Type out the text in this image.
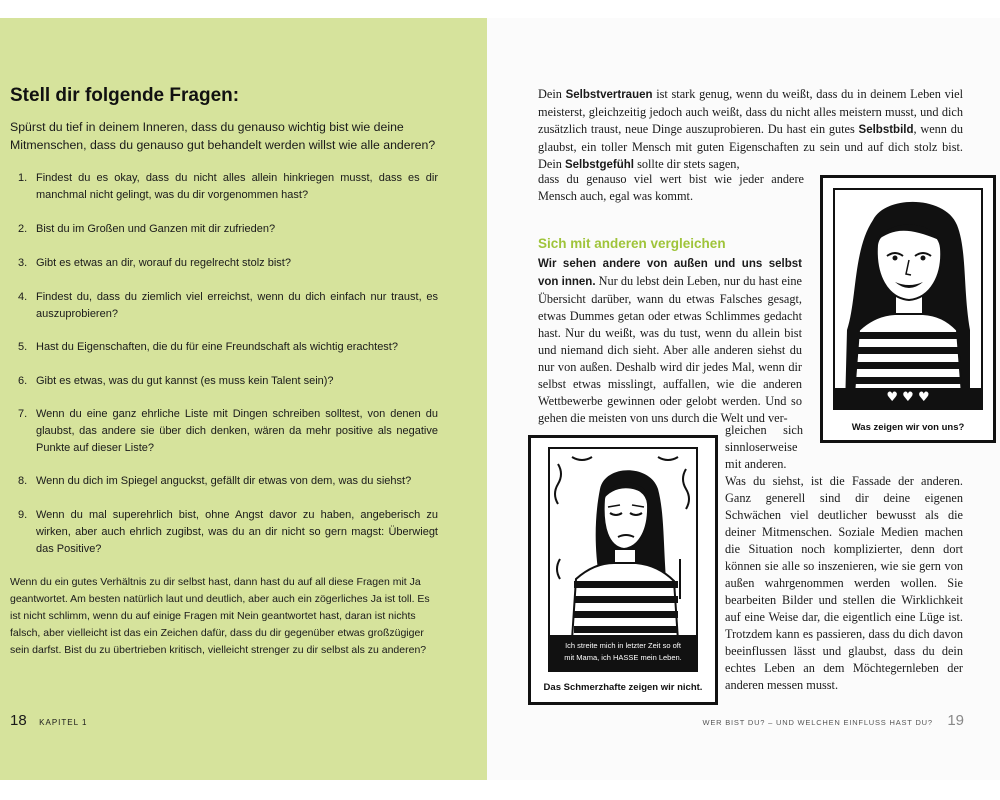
Stell dir folgende Fragen:

Spürst du tief in deinem Inneren, dass du genauso wichtig bist wie deine Mitmenschen, dass du genauso gut behandelt werden willst wie alle anderen?

1. Findest du es okay, dass du nicht alles allein hinkriegen musst, dass es dir manchmal nicht gelingt, was du dir vorgenommen hast?
2. Bist du im Großen und Ganzen mit dir zufrieden?
3. Gibt es etwas an dir, worauf du regelrecht stolz bist?
4. Findest du, dass du ziemlich viel erreichst, wenn du dich einfach nur traust, es auszuprobieren?
5. Hast du Eigenschaften, die du für eine Freundschaft als wichtig erachtest?
6. Gibt es etwas, was du gut kannst (es muss kein Talent sein)?
7. Wenn du eine ganz ehrliche Liste mit Dingen schreiben solltest, von denen du glaubst, das andere sie über dich denken, wären da mehr positive als negative Punkte auf dieser Liste?
8. Wenn du dich im Spiegel anguckst, gefällt dir etwas von dem, was du siehst?
9. Wenn du mal superehrlich bist, ohne Angst davor zu haben, angeberisch zu wirken, aber auch ehrlich zugibst, was du an dir nicht so gern magst: Überwiegt das Positive?

Wenn du ein gutes Verhältnis zu dir selbst hast, dann hast du auf all diese Fragen mit Ja geantwortet. Am besten natürlich laut und deutlich, aber auch ein zögerliches Ja ist toll. Es ist nicht schlimm, wenn du auf einige Fragen mit Nein geantwortet hast, daran ist nichts falsch, aber vielleicht ist das ein Zeichen dafür, dass du dir gegenüber etwas großzügiger sein darfst. Bist du zu übertrieben kritisch, vielleicht strenger zu dir selbst als zu anderen?

18 KAPITEL 1

Dein Selbstvertrauen ist stark genug, wenn du weißt, dass du in deinem Leben viel meisterst, gleichzeitig jedoch auch weißt, dass du nicht alles meistern musst, und dich zusätzlich traust, neue Dinge auszuprobieren. Du hast ein gutes Selbstbild, wenn du glaubst, ein toller Mensch mit guten Eigenschaften zu sein und auf dich stolz bist. Dein Selbstgefühl sollte dir stets sagen,

dass du genauso viel wert bist wie jeder andere Mensch auch, egal was kommt.

Sich mit anderen vergleichen

Wir sehen andere von außen und uns selbst von innen. Nur du lebst dein Leben, nur du hast eine Übersicht darüber, wann du etwas Falsches gesagt, etwas Dummes getan oder etwas Schlimmes gedacht hast. Nur du weißt, was du tust, wenn du allein bist und niemand dich sieht. Aber alle anderen siehst du nur von außen. Deshalb wird dir jedes Mal, wenn dir selbst etwas misslingt, auffallen, wie die anderen Wettbewerbe gewinnen oder gelobt werden. Und so gehen die meisten von uns durch die Welt und ver-

gleichen sich sinnloserweise mit anderen.

Was du siehst, ist die Fassade der anderen. Ganz generell sind dir deine eigenen Schwächen viel deutlicher bewusst als die deiner Mitmenschen. Soziale Medien machen die Situation noch komplizierter, denn dort können sie alle so inszenieren, wie sie gern von außen wahrgenommen werden wollen. Sie bearbeiten Bilder und stellen die Wirklichkeit auf eine Weise dar, die eigentlich eine Lüge ist. Trotzdem kann es passieren, dass du dich davon beeinflussen lässt und glaubst, dass du dein echtes Leben an dem Möchtegernleben der anderen messen musst.

♥ ♥ ♥
Was zeigen wir von uns?
Ich streite mich in letzter Zeit so oft
mit Mama, ich HASSE mein Leben.
Das Schmerzhafte zeigen wir nicht.
WER BIST DU? – UND WELCHEN EINFLUSS HAST DU? 19
